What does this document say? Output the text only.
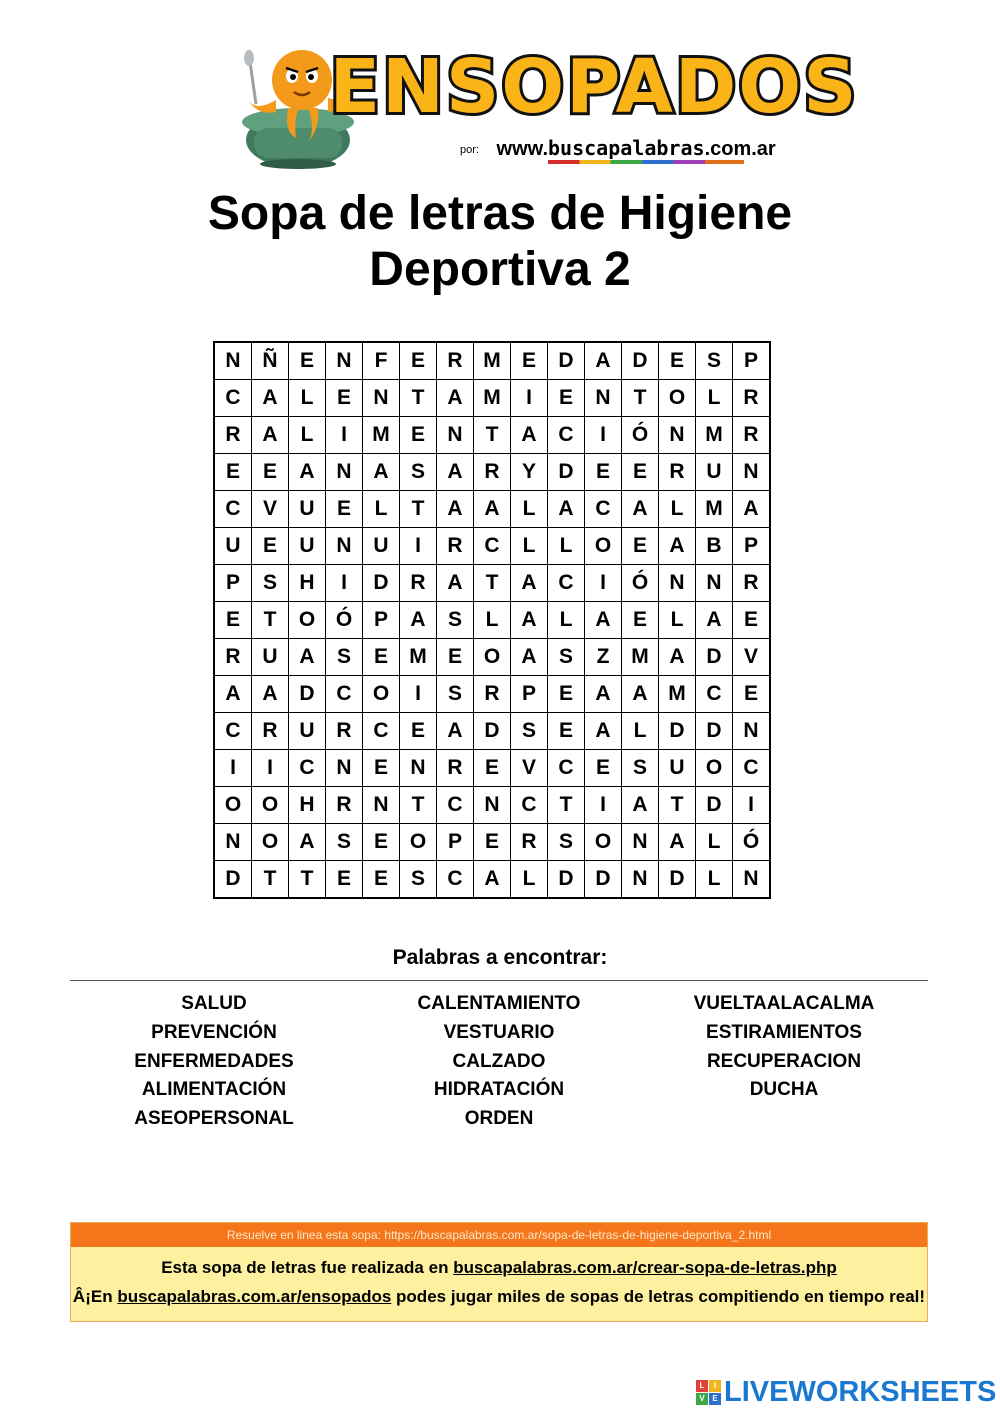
ENSOPADOS
por: www.buscapalabras.com.ar
Sopa de letras de Higiene
Deportiva 2
N	Ñ	E	N	F	E	R	M	E	D	A	D	E	S	P
C	A	L	E	N	T	A	M	I	E	N	T	O	L	R
R	A	L	I	M	E	N	T	A	C	I	Ó	N	M	R
E	E	A	N	A	S	A	R	Y	D	E	E	R	U	N
C	V	U	E	L	T	A	A	L	A	C	A	L	M	A
U	E	U	N	U	I	R	C	L	L	O	E	A	B	P
P	S	H	I	D	R	A	T	A	C	I	Ó	N	N	R
E	T	O	Ó	P	A	S	L	A	L	A	E	L	A	E
R	U	A	S	E	M	E	O	A	S	Z	M	A	D	V
A	A	D	C	O	I	S	R	P	E	A	A	M	C	E
C	R	U	R	C	E	A	D	S	E	A	L	D	D	N
I	I	C	N	E	N	R	E	V	C	E	S	U	O	C
O	O	H	R	N	T	C	N	C	T	I	A	T	D	I
N	O	A	S	E	O	P	E	R	S	O	N	A	L	Ó
D	T	T	E	E	S	C	A	L	D	D	N	D	L	N
Palabras a encontrar:
SALUD
PREVENCIÓN
ENFERMEDADES
ALIMENTACIÓN
ASEOPERSONAL
CALENTAMIENTO
VESTUARIO
CALZADO
HIDRATACIÓN
ORDEN
VUELTAALACALMA
ESTIRAMIENTOS
RECUPERACION
DUCHA
Resuelve en linea esta sopa: https://buscapalabras.com.ar/sopa-de-letras-de-higiene-deportiva_2.html
Esta sopa de letras fue realizada en buscapalabras.com.ar/crear-sopa-de-letras.php
Â¡En buscapalabras.com.ar/ensopados podes jugar miles de sopas de letras compitiendo en tiempo real!
L	I
V E LIVEWORKSHEETS
